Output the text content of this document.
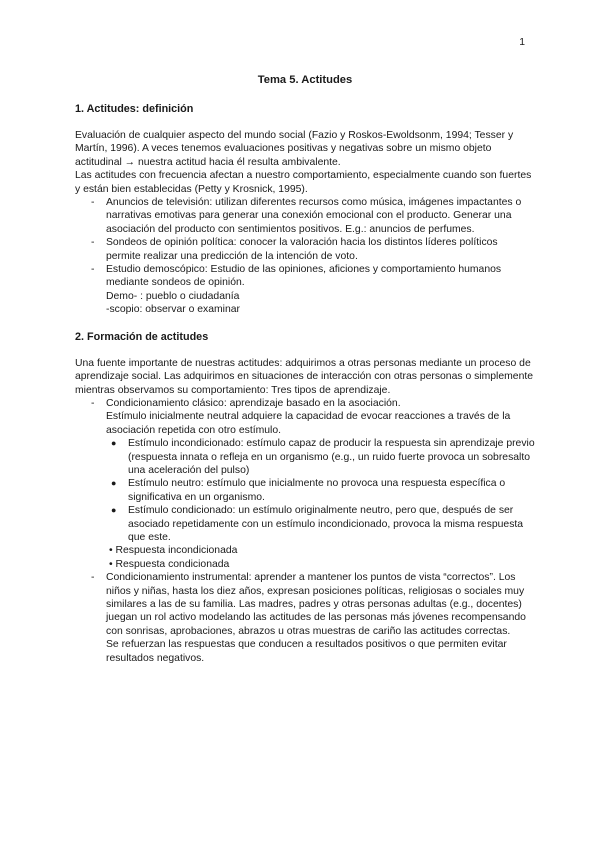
1
Tema 5. Actitudes
1. Actitudes: definición

Evaluación de cualquier aspecto del mundo social (Fazio y Roskos-Ewoldsonm, 1994; Tesser y Martín, 1996). A veces tenemos evaluaciones positivas y negativas sobre un mismo objeto actitudinal → nuestra actitud hacia él resulta ambivalente.

Las actitudes con frecuencia afectan a nuestro comportamiento, especialmente cuando son fuertes y están bien establecidas (Petty y Krosnick, 1995).

- Anuncios de televisión: utilizan diferentes recursos como música, imágenes impactantes o narrativas emotivas para generar una conexión emocional con el producto. Generar una asociación del producto con sentimientos positivos. E.g.: anuncios de perfumes.
- Sondeos de opinión política: conocer la valoración hacia los distintos líderes políticos permite realizar una predicción de la intención de voto.
- Estudio demoscópico: Estudio de las opiniones, aficiones y comportamiento humanos mediante sondeos de opinión.
Demo- : pueblo o ciudadanía
-scopio: observar o examinar
2. Formación de actitudes

Una fuente importante de nuestras actitudes: adquirimos a otras personas mediante un proceso de aprendizaje social. Las adquirimos en situaciones de interacción con otras personas o simplemente mientras observamos su comportamiento: Tres tipos de aprendizaje.

- Condicionamiento clásico: aprendizaje basado en la asociación.
Estímulo inicialmente neutral adquiere la capacidad de evocar reacciones a través de la asociación repetida con otro estímulo.
● Estímulo incondicionado: estímulo capaz de producir la respuesta sin aprendizaje previo (respuesta innata o refleja en un organismo (e.g., un ruido fuerte provoca un sobresalto una aceleración del pulso)
● Estímulo neutro: estímulo que inicialmente no provoca una respuesta específica o significativa en un organismo.
● Estímulo condicionado: un estímulo originalmente neutro, pero que, después de ser asociado repetidamente con un estímulo incondicionado, provoca la misma respuesta que este.
• Respuesta incondicionada
• Respuesta condicionada
- Condicionamiento instrumental: aprender a mantener los puntos de vista “correctos”. Los niños y niñas, hasta los diez años, expresan posiciones políticas, religiosas o sociales muy similares a las de su familia. Las madres, padres y otras personas adultas (e.g., docentes) juegan un rol activo modelando las actitudes de las personas más jóvenes recompensando con sonrisas, aprobaciones, abrazos u otras muestras de cariño las actitudes correctas.
Se refuerzan las respuestas que conducen a resultados positivos o que permiten evitar resultados negativos.
